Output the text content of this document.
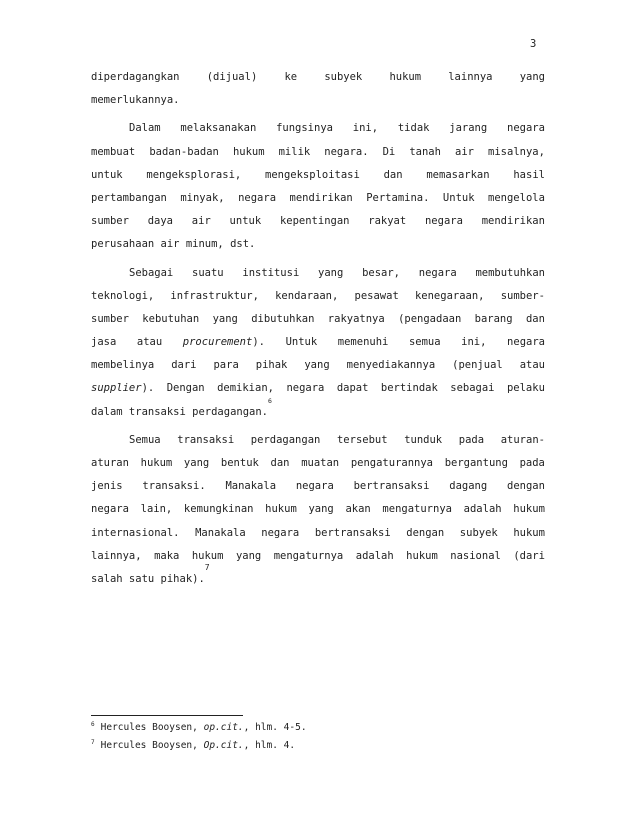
3
diperdagangkan	(dijual)	ke	subyek	hukum	lainnya	yang
memerlukannya.
Dalam melaksanakan fungsinya ini, tidak jarang negara
membuat badan-badan hukum milik negara. Di tanah air misalnya,
untuk mengeksplorasi, mengeksploitasi dan memasarkan hasil
pertambangan minyak, negara mendirikan Pertamina. Untuk mengelola
sumber daya air untuk kepentingan rakyat negara mendirikan
perusahaan air minum, dst.
Sebagai suatu institusi yang besar, negara membutuhkan
teknologi, infrastruktur, kendaraan, pesawat kenegaraan, sumber-
sumber kebutuhan yang dibutuhkan rakyatnya (pengadaan barang dan
jasa atau procurement). Untuk memenuhi semua ini, negara
membelinya dari para pihak yang menyediakannya (penjual atau
supplier). Dengan demikian, negara dapat bertindak sebagai pelaku
dalam transaksi perdagangan.
6
Semua transaksi perdagangan tersebut tunduk pada aturan-
aturan hukum yang bentuk dan muatan pengaturannya bergantung pada
jenis transaksi. Manakala negara bertransaksi dagang dengan
negara lain, kemungkinan hukum yang akan mengaturnya adalah hukum
internasional. Manakala negara bertransaksi dengan subyek hukum
lainnya, maka hukum yang mengaturnya adalah hukum nasional (dari
salah satu pihak).
7
$^6$ Hercules Booysen, op.cit., hlm. 4-5.
$^7$ Hercules Booysen, Op.cit., hlm. 4.
